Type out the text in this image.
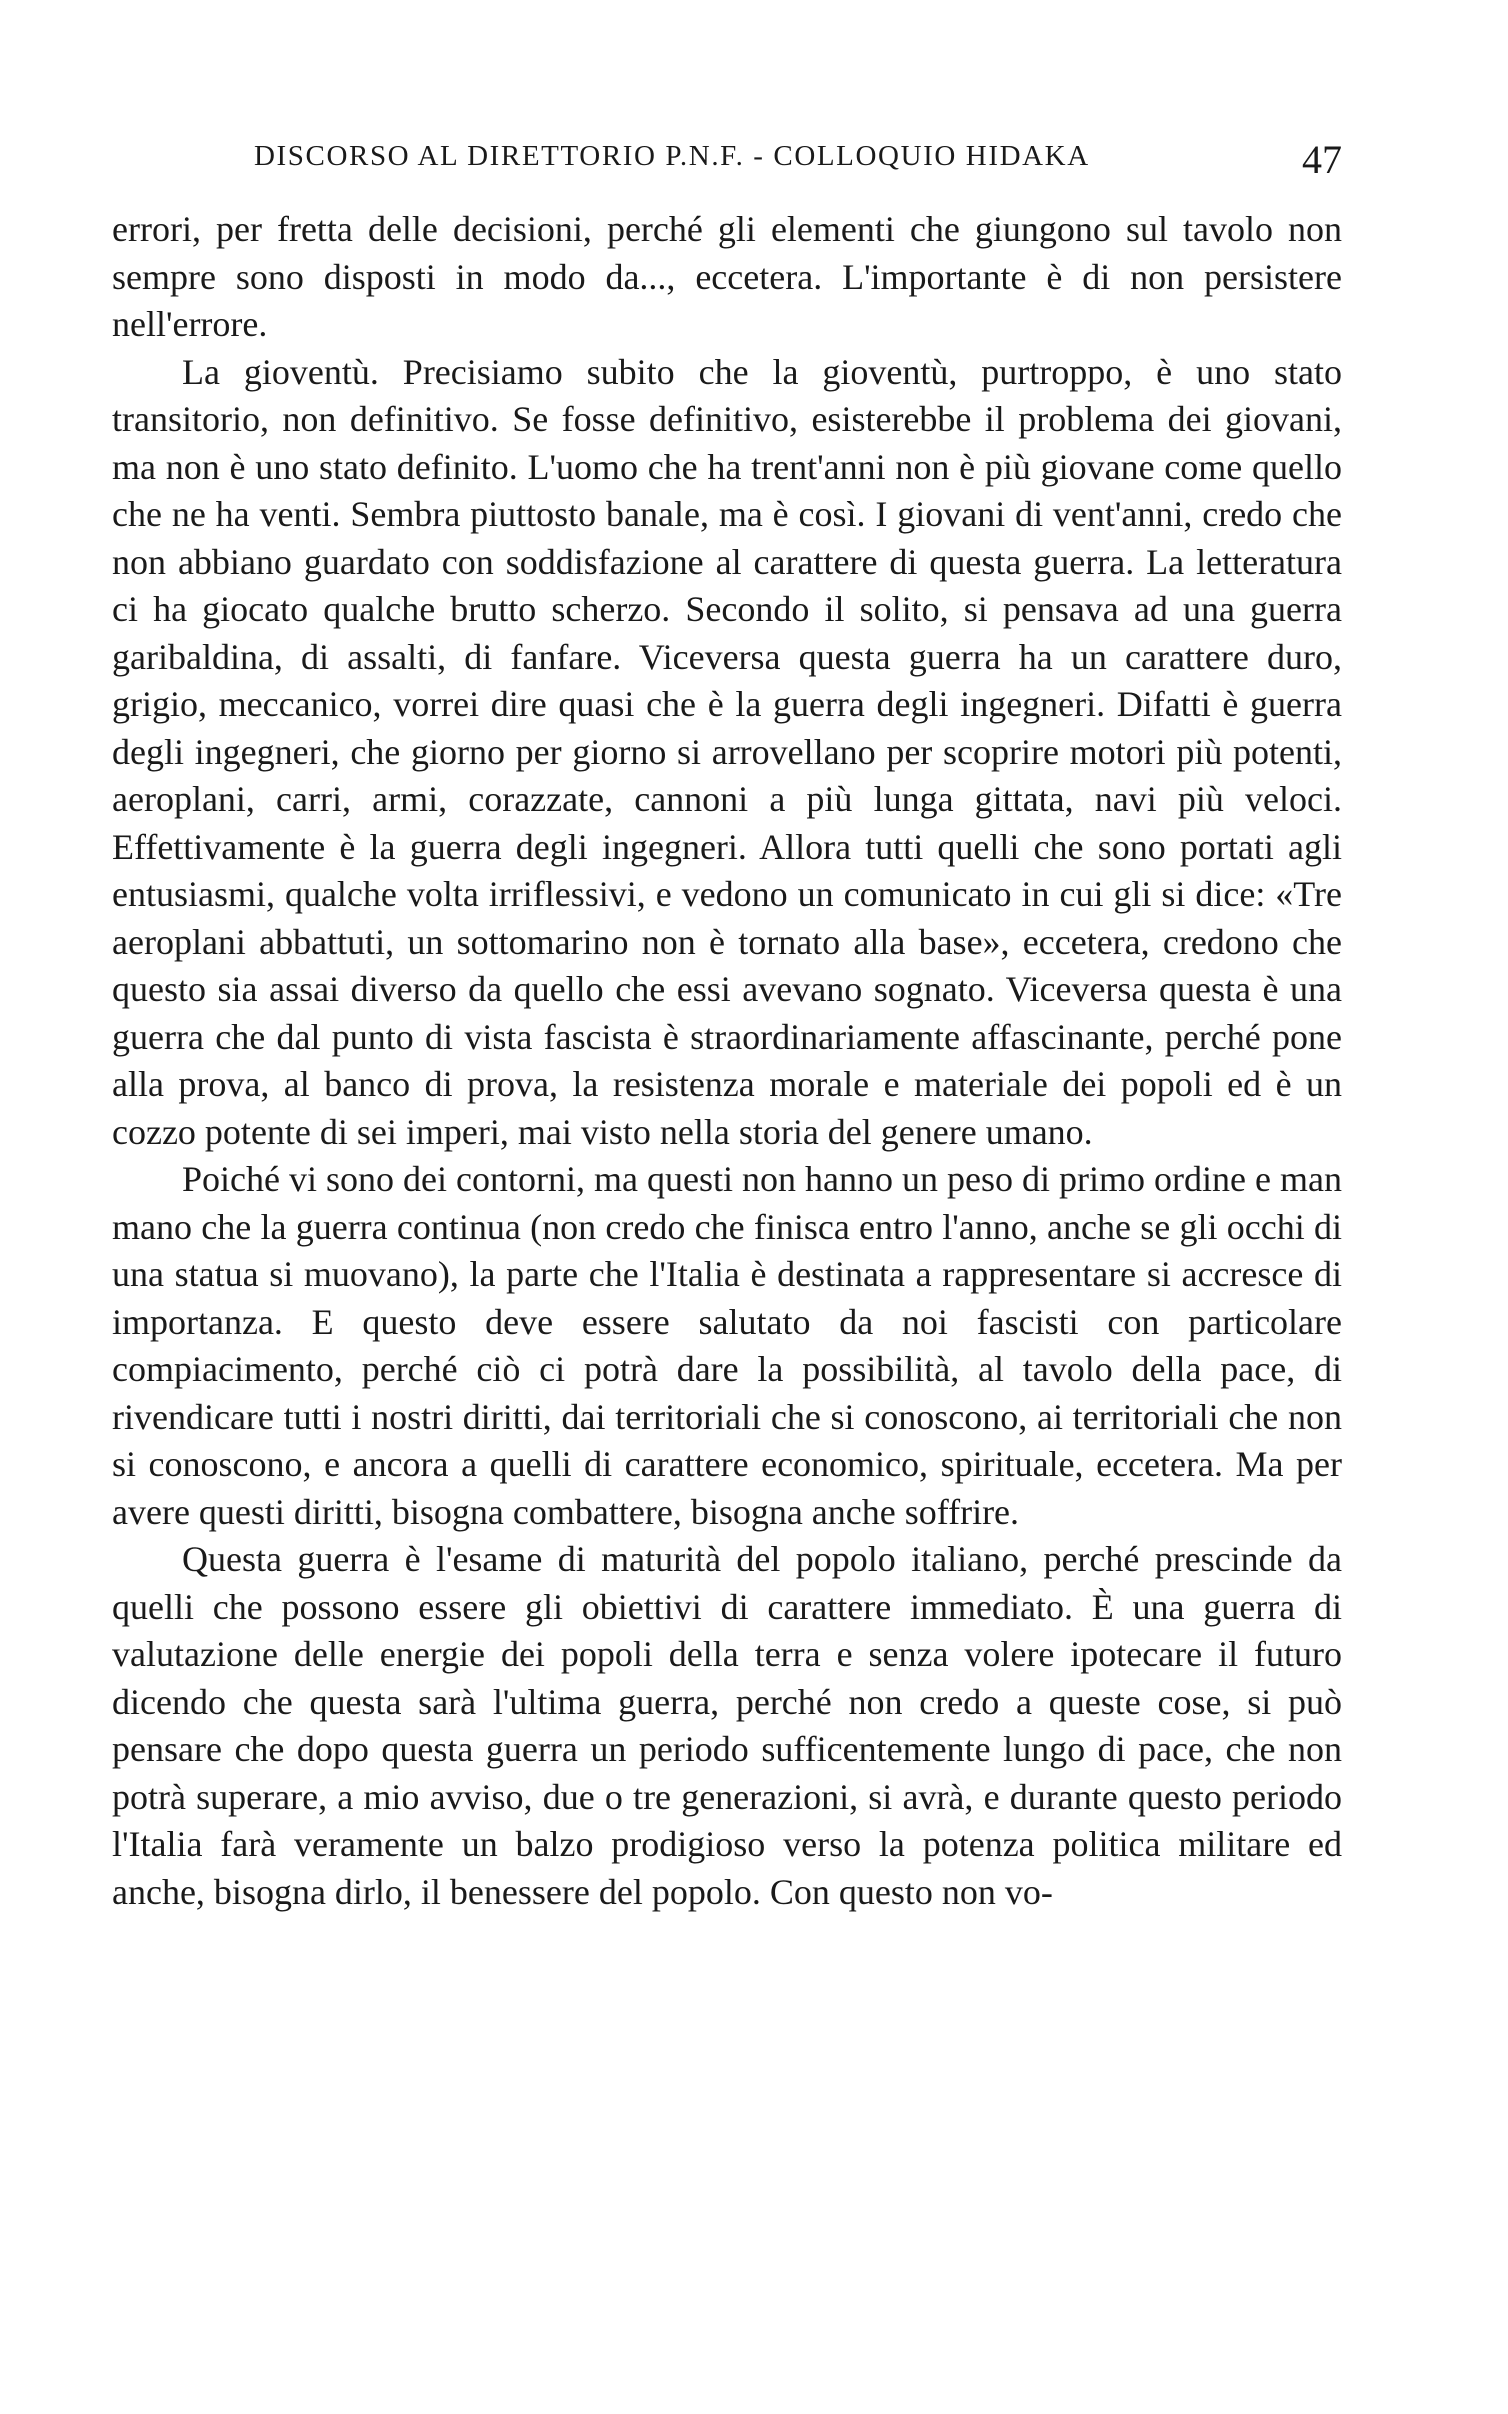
DISCORSO AL DIRETTORIO P.N.F. - COLLOQUIO HIDAKA	47

errori, per fretta delle decisioni, perché gli elementi che giungono sul tavolo non sempre sono disposti in modo da..., eccetera. L'importante è di non persistere nell'errore.

La gioventù. Precisiamo subito che la gioventù, purtroppo, è uno stato transitorio, non definitivo. Se fosse definitivo, esisterebbe il problema dei giovani, ma non è uno stato definito. L'uomo che ha trent'anni non è più giovane come quello che ne ha venti. Sembra piuttosto banale, ma è così. I giovani di vent'anni, credo che non abbiano guardato con soddisfazione al carattere di questa guerra. La letteratura ci ha giocato qualche brutto scherzo. Secondo il solito, si pensava ad una guerra garibaldina, di assalti, di fanfare. Viceversa questa guerra ha un carattere duro, grigio, meccanico, vorrei dire quasi che è la guerra degli ingegneri. Difatti è guerra degli ingegneri, che giorno per giorno si arrovellano per scoprire motori più potenti, aeroplani, carri, armi, corazzate, cannoni a più lunga gittata, navi più veloci. Effettivamente è la guerra degli ingegneri. Allora tutti quelli che sono portati agli entusiasmi, qualche volta irriflessivi, e vedono un comunicato in cui gli si dice: «Tre aeroplani abbattuti, un sottomarino non è tornato alla base», eccetera, credono che questo sia assai diverso da quello che essi avevano sognato. Viceversa questa è una guerra che dal punto di vista fascista è straordinariamente affascinante, perché pone alla prova, al banco di prova, la resistenza morale e materiale dei popoli ed è un cozzo potente di sei imperi, mai visto nella storia del genere umano.

Poiché vi sono dei contorni, ma questi non hanno un peso di primo ordine e man mano che la guerra continua (non credo che finisca entro l'anno, anche se gli occhi di una statua si muovano), la parte che l'Italia è destinata a rappresentare si accresce di importanza. E questo deve essere salutato da noi fascisti con particolare compiacimento, perché ciò ci potrà dare la possibilità, al tavolo della pace, di rivendicare tutti i nostri diritti, dai territoriali che si conoscono, ai territoriali che non si conoscono, e ancora a quelli di carattere economico, spirituale, eccetera. Ma per avere questi diritti, bisogna combattere, bisogna anche soffrire.

Questa guerra è l'esame di maturità del popolo italiano, perché prescinde da quelli che possono essere gli obiettivi di carattere immediato. È una guerra di valutazione delle energie dei popoli della terra e senza volere ipotecare il futuro dicendo che questa sarà l'ultima guerra, perché non credo a queste cose, si può pensare che dopo questa guerra un periodo sufficentemente lungo di pace, che non potrà superare, a mio avviso, due o tre generazioni, si avrà, e durante questo periodo l'Italia farà veramente un balzo prodigioso verso la potenza politica militare ed anche, bisogna dirlo, il benessere del popolo. Con questo non vo-
